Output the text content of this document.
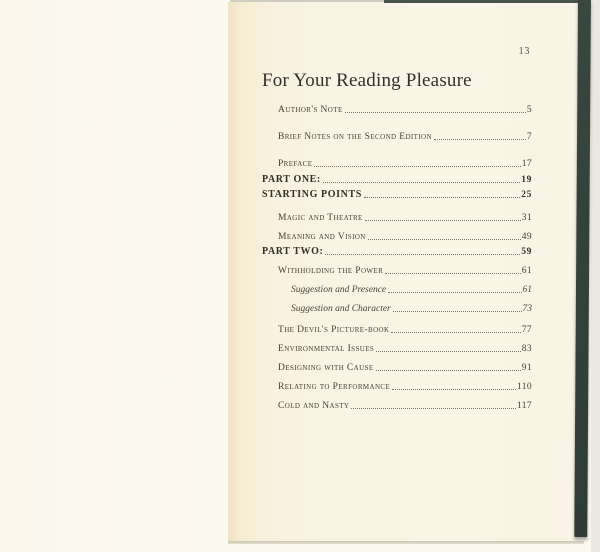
13
For Your Reading Pleasure
Author's Note	5
Brief Notes on the Second Edition	7
Preface	17
PART ONE:	19
STARTING POINTS	25
Magic and Theatre	31
Meaning and Vision	49
PART TWO:	59
Withholding the Power	61
Suggestion and Presence	61
Suggestion and Character	73
The Devil's Picture-book	77
Environmental Issues	83
Designing with Cause	91
Relating to Performance	110
Cold and Nasty	117
